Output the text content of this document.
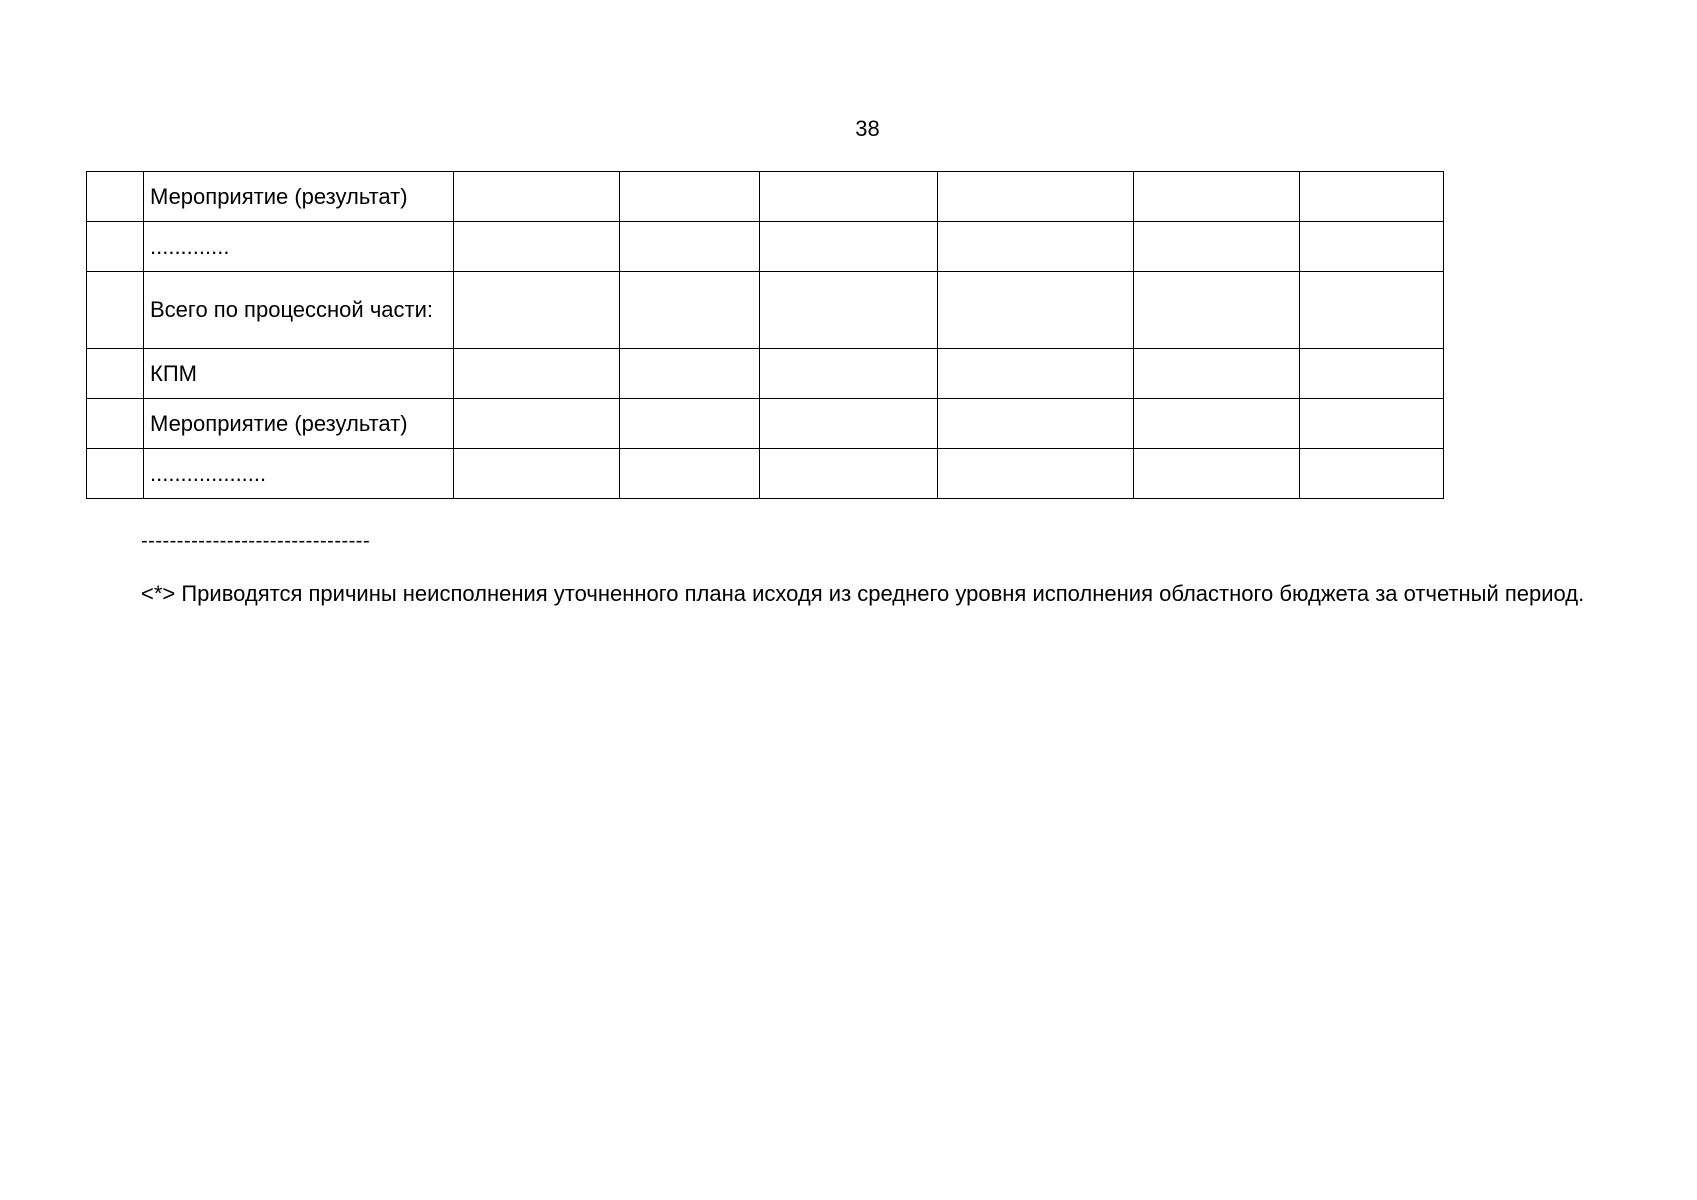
38
	Мероприятие (результат)						
	.............						
	Всего по процессной части:						
	КПМ						
	Мероприятие (результат)						
	...................						
--------------------------------

<*> Приводятся причины неисполнения уточненного плана исходя из среднего уровня исполнения областного бюджета за отчетный период.
